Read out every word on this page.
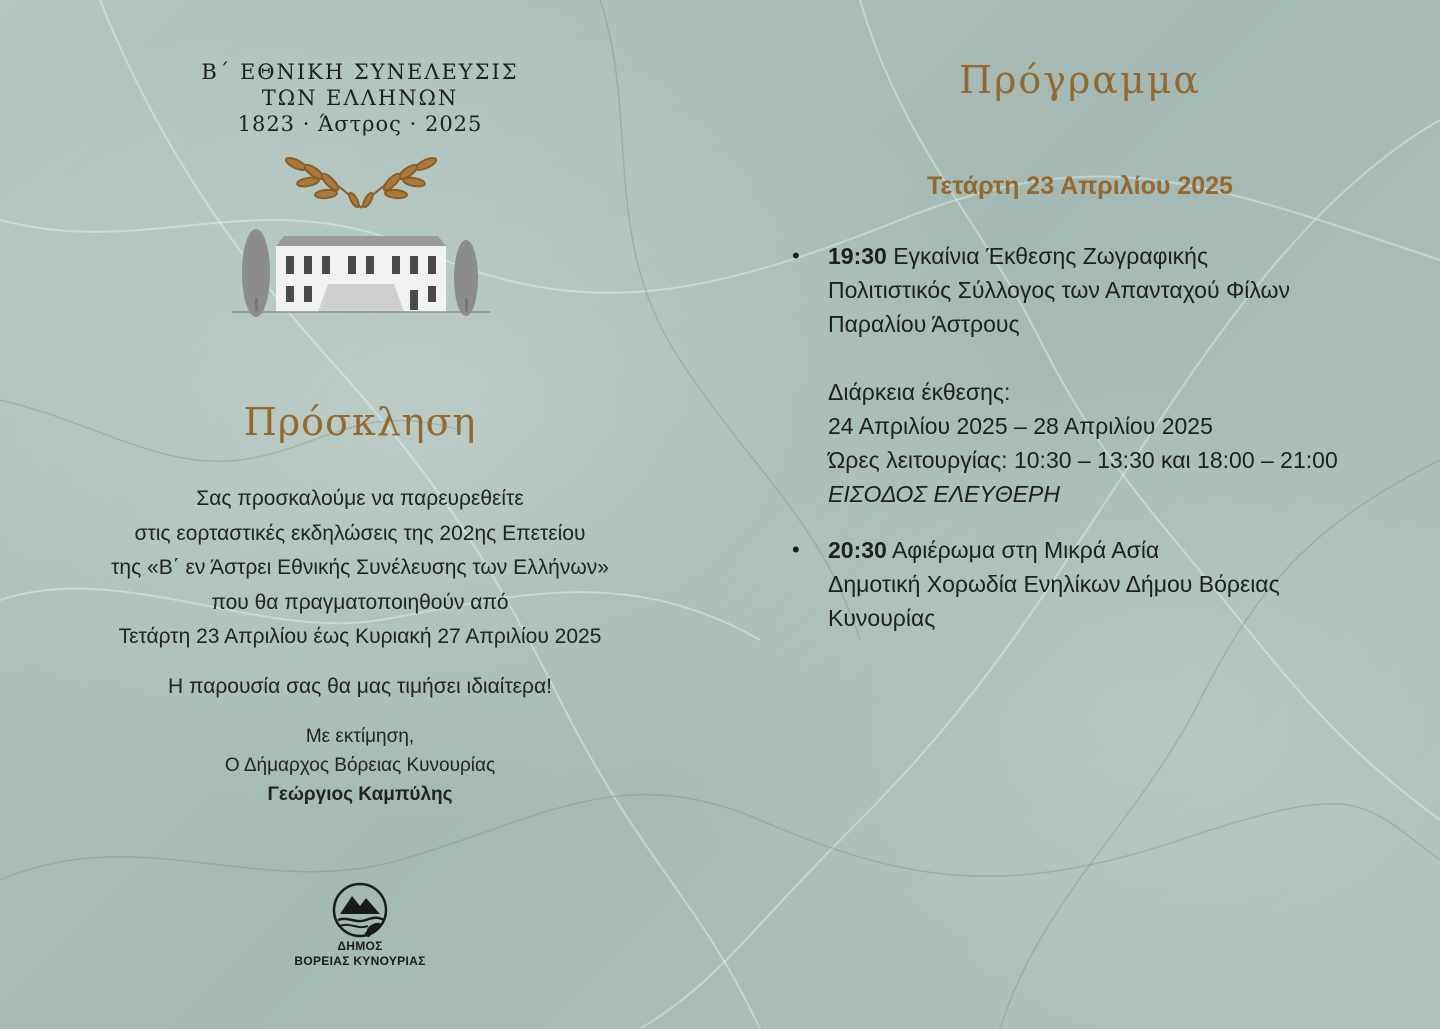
Β΄ ΕΘΝΙΚΗ ΣΥΝΕΛΕΥΣΙΣ
ΤΩΝ ΕΛΛΗΝΩΝ
1823 · Άστρος · 2025
Πρόσκληση
Σας προσκαλούμε να παρευρεθείτε
στις εορταστικές εκδηλώσεις της 202ης Επετείου
της «Β΄ εν Άστρει Εθνικής Συνέλευσης των Ελλήνων»
που θα πραγματοποιηθούν από
Τετάρτη 23 Απριλίου έως Κυριακή 27 Απριλίου 2025
Η παρουσία σας θα μας τιμήσει ιδιαίτερα!
Με εκτίμηση,
Ο Δήμαρχος Βόρειας Κυνουρίας
Γεώργιος Καμπύλης
ΔΗΜΟΣ
ΒΟΡΕΙΑΣ ΚΥΝΟΥΡΙΑΣ
Πρόγραμμα
Τετάρτη 23 Απριλίου 2025
• 19:30 Εγκαίνια Έκθεσης Ζωγραφικής
Πολιτιστικός Σύλλογος των Απανταχού Φίλων
Παραλίου Άστρους
Διάρκεια έκθεσης:
24 Απριλίου 2025 – 28 Απριλίου 2025
Ώρες λειτουργίας: 10:30 – 13:30 και 18:00 – 21:00
ΕΙΣΟΔΟΣ ΕΛΕΥΘΕΡΗ
• 20:30 Αφιέρωμα στη Μικρά Ασία
Δημοτική Χορωδία Ενηλίκων Δήμου Βόρειας
Κυνουρίας
